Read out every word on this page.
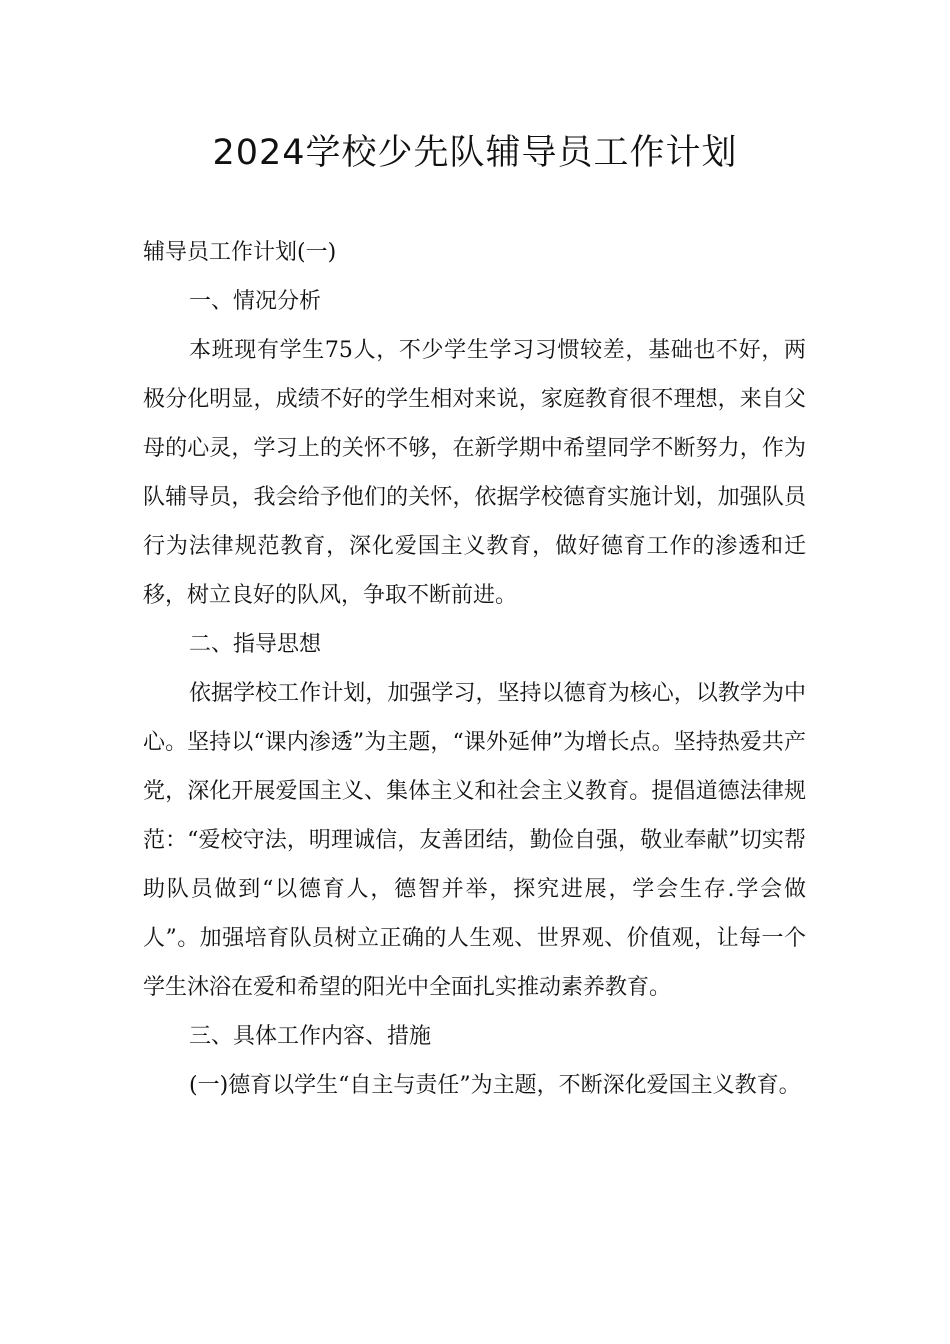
2024学校少先队辅导员工作计划

辅导员工作计划(一)

一、情况分析

本班现有学生75人，不少学生学习习惯较差，基础也不好，两极分化明显，成绩不好的学生相对来说，家庭教育很不理想，来自父母的心灵，学习上的关怀不够，在新学期中希望同学不断努力，作为队辅导员，我会给予他们的关怀，依据学校德育实施计划，加强队员行为法律规范教育，深化爱国主义教育，做好德育工作的渗透和迁移，树立良好的队风，争取不断前进。

二、指导思想

依据学校工作计划，加强学习，坚持以德育为核心，以教学为中心。坚持以“课内渗透”为主题，“课外延伸”为增长点。坚持热爱共产党，深化开展爱国主义、集体主义和社会主义教育。提倡道德法律规范：“爱校守法，明理诚信，友善团结，勤俭自强，敬业奉献”切实帮助队员做到“以德育人，德智并举，探究进展，学会生存.学会做人”。加强培育队员树立正确的人生观、世界观、价值观，让每一个学生沐浴在爱和希望的阳光中全面扎实推动素养教育。

三、具体工作内容、措施

(一)德育以学生“自主与责任”为主题，不断深化爱国主义教育。
